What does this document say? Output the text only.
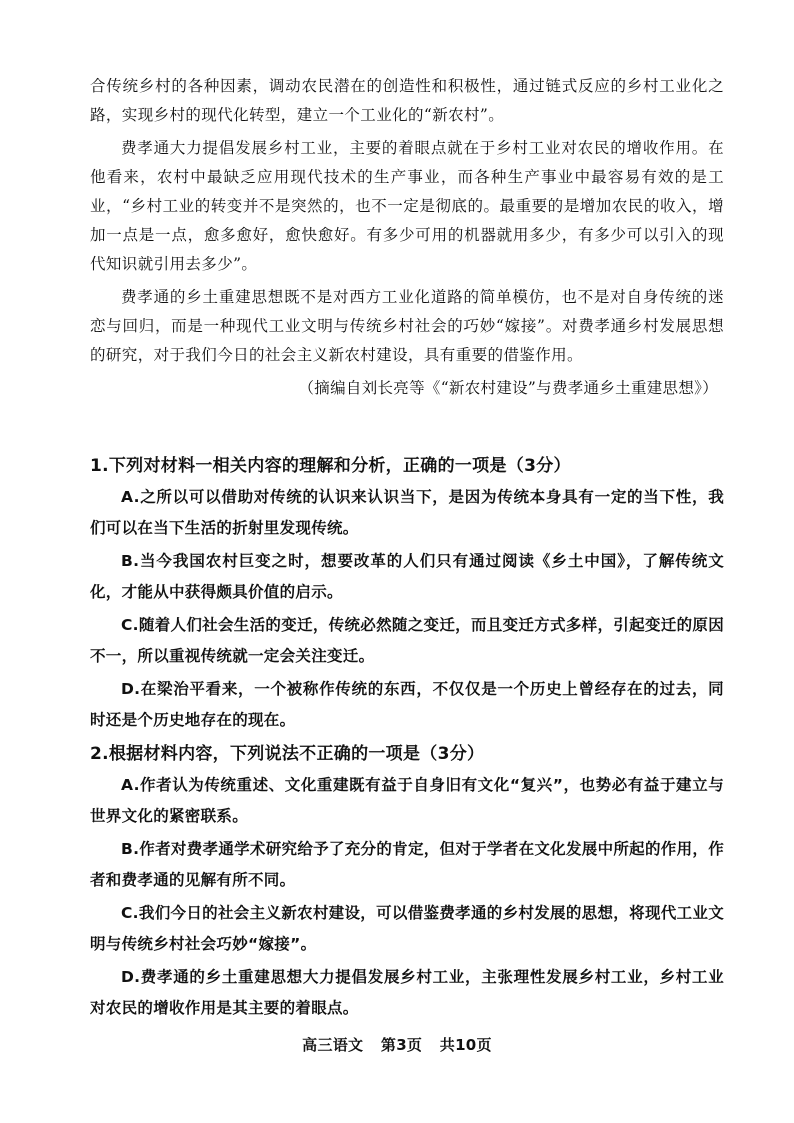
合传统乡村的各种因素，调动农民潜在的创造性和积极性，通过链式反应的乡村工业化之路，实现乡村的现代化转型，建立一个工业化的“新农村”。

费孝通大力提倡发展乡村工业，主要的着眼点就在于乡村工业对农民的增收作用。在他看来，农村中最缺乏应用现代技术的生产事业，而各种生产事业中最容易有效的是工业，“乡村工业的转变并不是突然的，也不一定是彻底的。最重要的是增加农民的收入，增加一点是一点，愈多愈好，愈快愈好。有多少可用的机器就用多少，有多少可以引入的现代知识就引用去多少”。

费孝通的乡土重建思想既不是对西方工业化道路的简单模仿，也不是对自身传统的迷恋与回归，而是一种现代工业文明与传统乡村社会的巧妙“嫁接”。对费孝通乡村发展思想的研究，对于我们今日的社会主义新农村建设，具有重要的借鉴作用。

（摘编自刘长亮等《“新农村建设”与费孝通乡土重建思想》）

1.下列对材料一相关内容的理解和分析，正确的一项是（3分）

A.之所以可以借助对传统的认识来认识当下，是因为传统本身具有一定的当下性，我们可以在当下生活的折射里发现传统。

B.当今我国农村巨变之时，想要改革的人们只有通过阅读《乡土中国》，了解传统文化，才能从中获得颇具价值的启示。

C.随着人们社会生活的变迁，传统必然随之变迁，而且变迁方式多样，引起变迁的原因不一，所以重视传统就一定会关注变迁。

D.在梁治平看来，一个被称作传统的东西，不仅仅是一个历史上曾经存在的过去，同时还是个历史地存在的现在。

2.根据材料内容，下列说法不正确的一项是（3分）

A.作者认为传统重述、文化重建既有益于自身旧有文化“复兴”，也势必有益于建立与世界文化的紧密联系。

B.作者对费孝通学术研究给予了充分的肯定，但对于学者在文化发展中所起的作用，作者和费孝通的见解有所不同。

C.我们今日的社会主义新农村建设，可以借鉴费孝通的乡村发展的思想，将现代工业文明与传统乡村社会巧妙“嫁接”。

D.费孝通的乡土重建思想大力提倡发展乡村工业，主张理性发展乡村工业，乡村工业对农民的增收作用是其主要的着眼点。

高三语文 第3页 共10页
